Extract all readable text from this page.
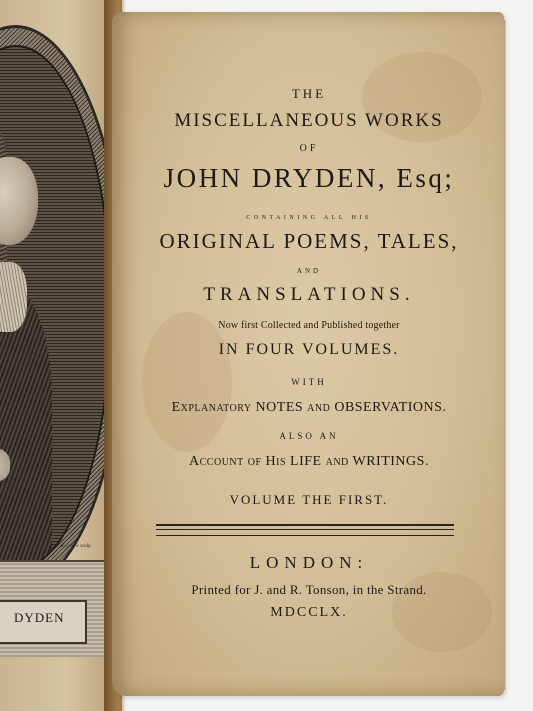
J. de Leeuw sculp.
DYDEN
THE
MISCELLANEOUS WORKS
OF
JOHN DRYDEN, Esq;
containing all his
ORIGINAL POEMS, TALES,
AND
TRANSLATIONS.
Now first Collected and Published together
IN FOUR VOLUMES.
WITH
Explanatory NOTES and OBSERVATIONS.
ALSO AN
Account of His LIFE and WRITINGS.
VOLUME THE FIRST.
LONDON:
Printed for J. and R. Tonson, in the Strand.
MDCCLX.
